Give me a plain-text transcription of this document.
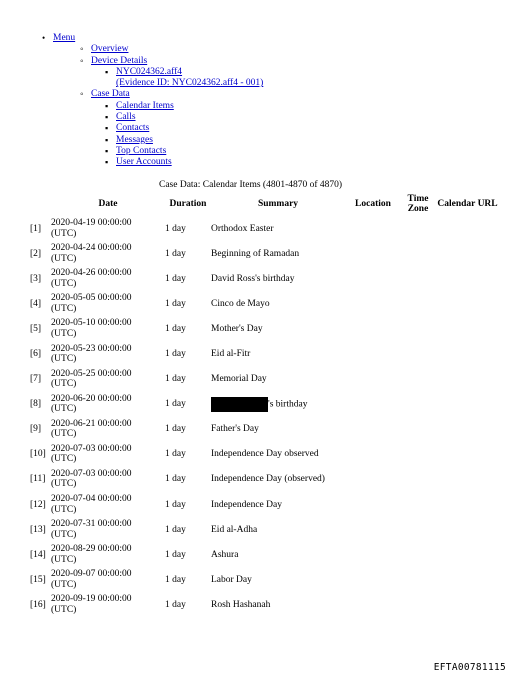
• Menu
◦ Overview
◦ Device Details
▪ NYC024362.aff4
(Evidence ID: NYC024362.aff4 - 001)
◦ Case Data
▪ Calendar Items
▪ Calls
▪ Contacts
▪ Messages
▪ Top Contacts
▪ User Accounts
Case Data: Calendar Items (4801-4870 of 4870)
	Date	Duration	Summary	Location	Time Zone	Calendar URL
[1]	2020-04-19 00:00:00
(UTC)	1 day	Orthodox Easter			
[2]	2020-04-24 00:00:00
(UTC)	1 day	Beginning of Ramadan			
[3]	2020-04-26 00:00:00
(UTC)	1 day	David Ross's birthday			
[4]	2020-05-05 00:00:00
(UTC)	1 day	Cinco de Mayo			
[5]	2020-05-10 00:00:00
(UTC)	1 day	Mother's Day			
[6]	2020-05-23 00:00:00
(UTC)	1 day	Eid al-Fitr			
[7]	2020-05-25 00:00:00
(UTC)	1 day	Memorial Day			
[8]	2020-06-20 00:00:00
(UTC)	1 day	's birthday			
[9]	2020-06-21 00:00:00
(UTC)	1 day	Father's Day			
[10]	2020-07-03 00:00:00
(UTC)	1 day	Independence Day observed			
[11]	2020-07-03 00:00:00
(UTC)	1 day	Independence Day (observed)			
[12]	2020-07-04 00:00:00
(UTC)	1 day	Independence Day			
[13]	2020-07-31 00:00:00
(UTC)	1 day	Eid al-Adha			
[14]	2020-08-29 00:00:00
(UTC)	1 day	Ashura			
[15]	2020-09-07 00:00:00
(UTC)	1 day	Labor Day			
[16]	2020-09-19 00:00:00
(UTC)	1 day	Rosh Hashanah			
EFTA00781115
